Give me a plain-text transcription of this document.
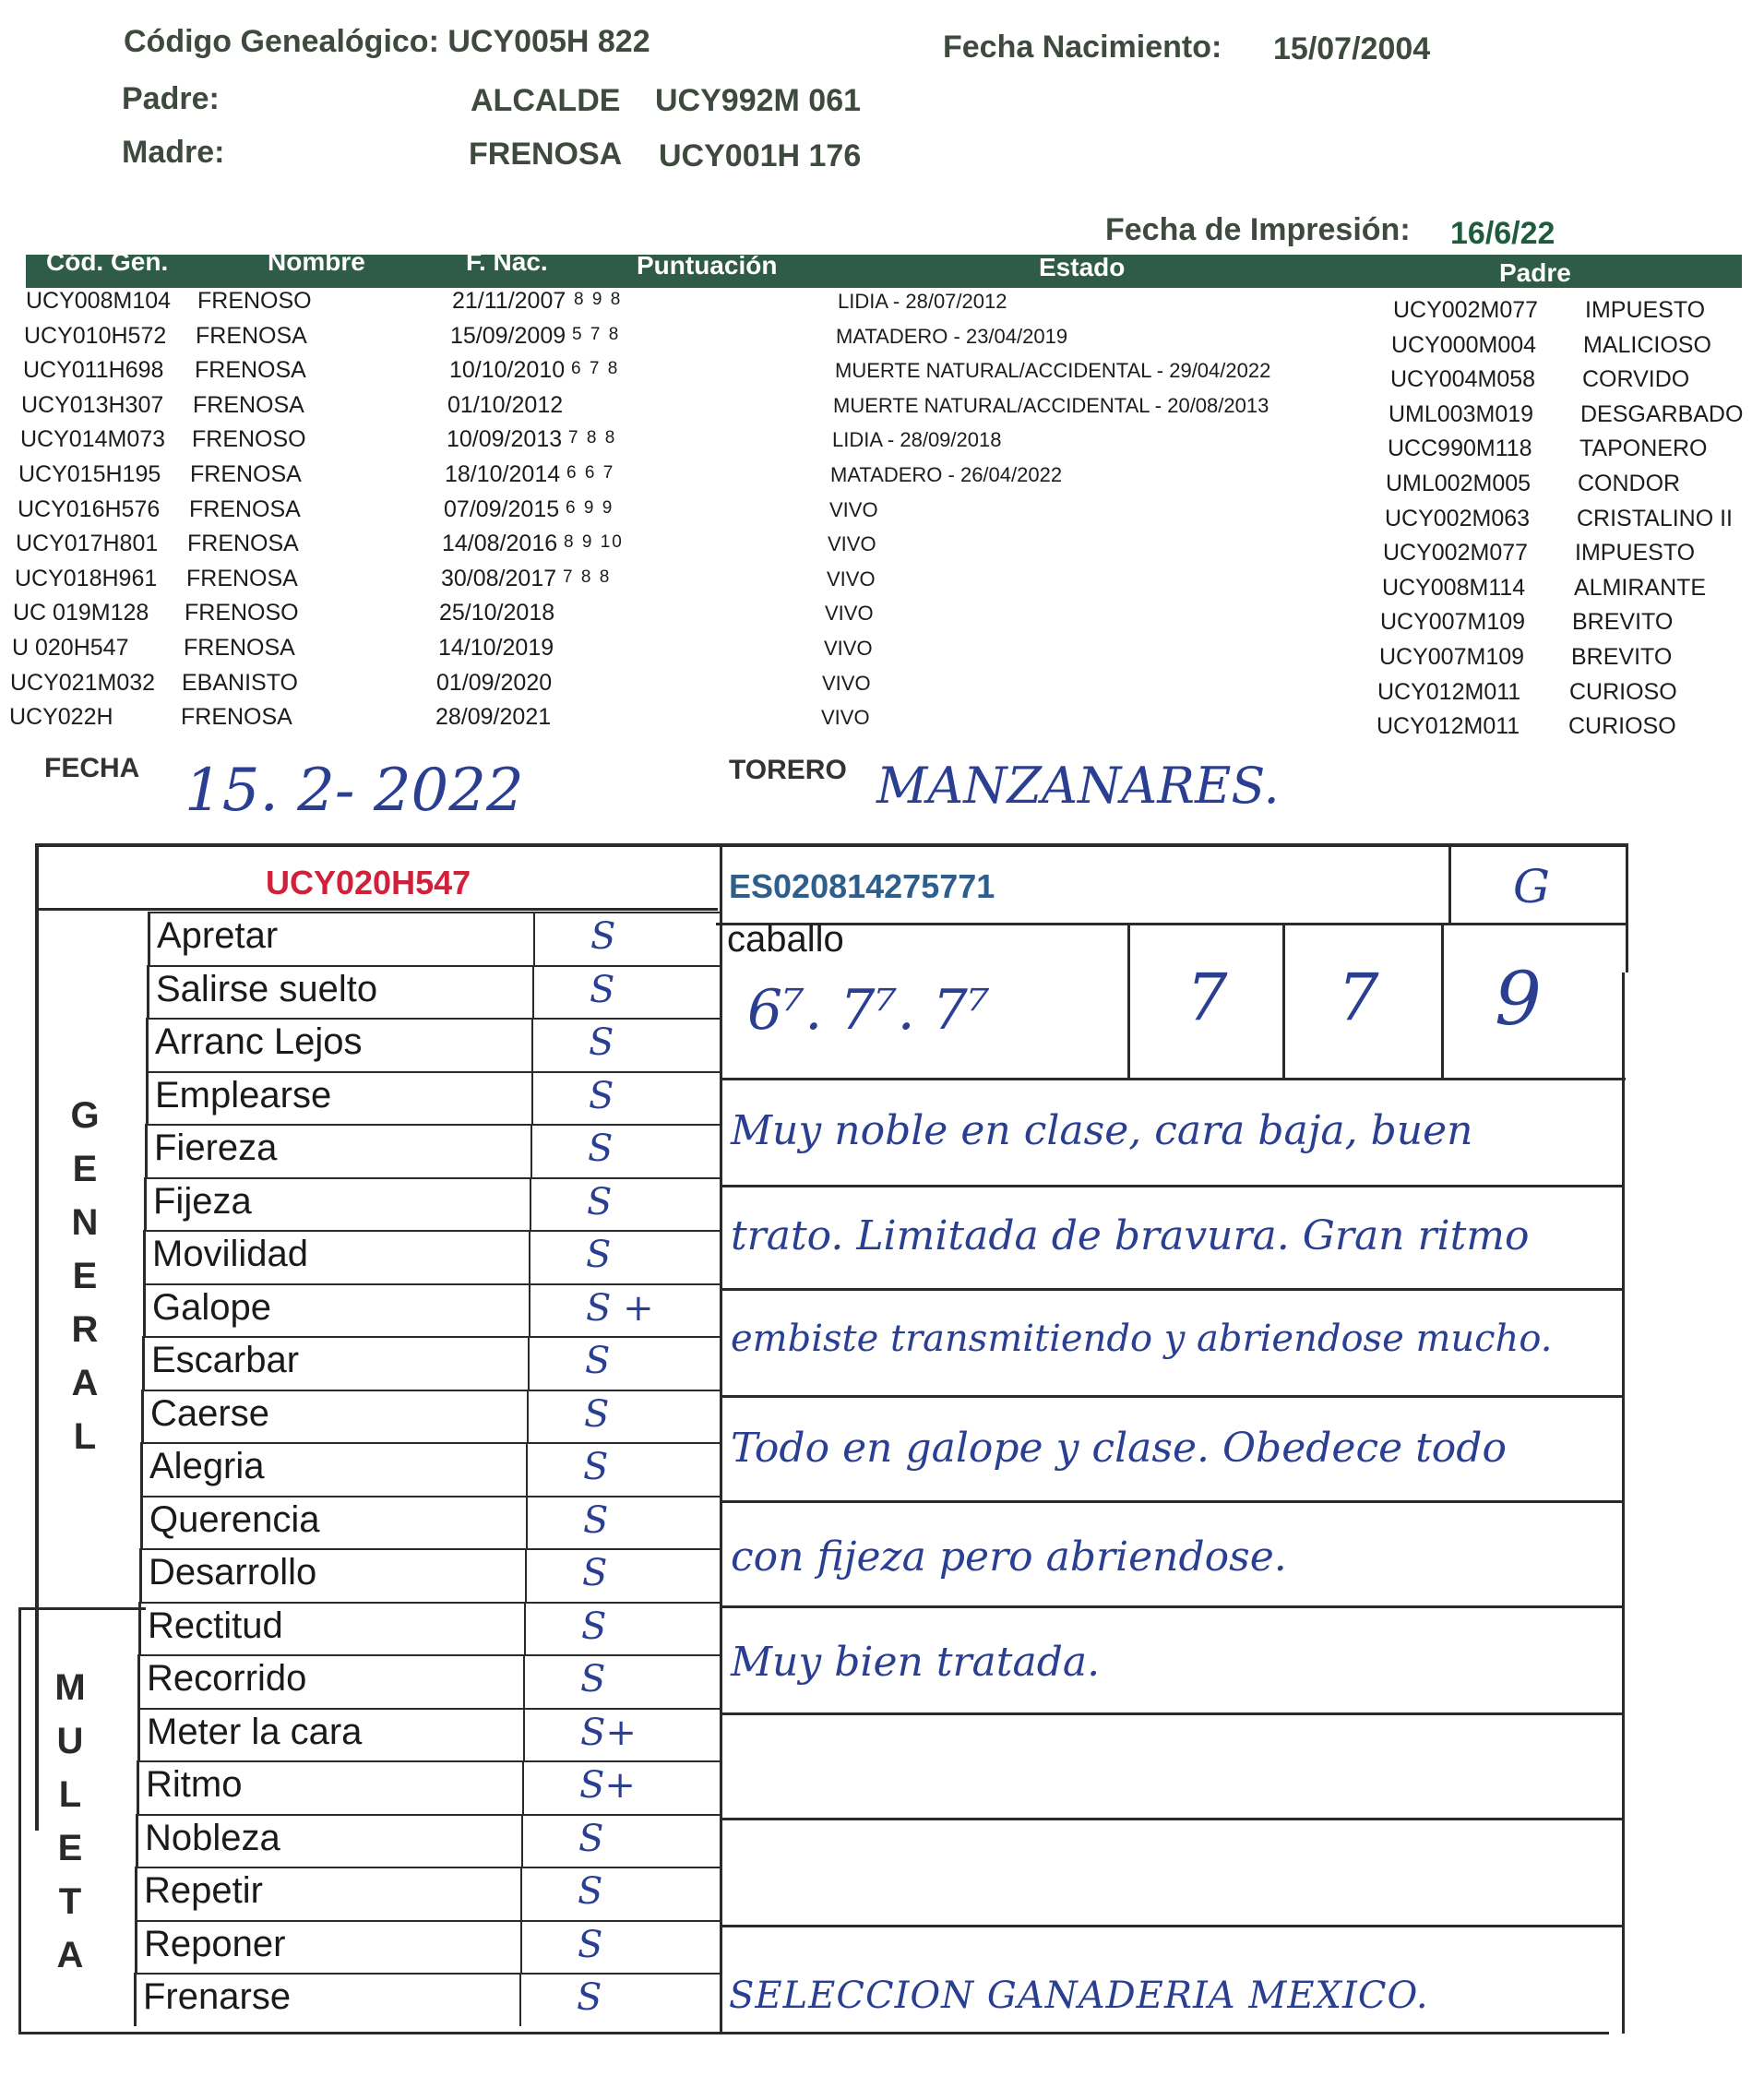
Código Genealógico: UCY005H 822	Fecha Nacimiento: 15/07/2004
Padre:	ALCALDE UCY992M 061
Madre:	FRENOSA UCY001H 176
Fecha de Impresión: 16/6/22
Cód. Gen.	Nombre	F. Nac.	Puntuación	Estado	Padre
UCY008M104 FRENOSO	21/11/2007 8 9 8	LIDIA - 28/07/2012	UCY002M077 IMPUESTO
UCY010H572 FRENOSA	15/09/2009 5 7 8	MATADERO - 23/04/2019	UCY000M004 MALICIOSO
UCY011H698 FRENOSA	10/10/2010 6 7 8	MUERTE NATURAL/ACCIDENTAL - 29/04/2022	UCY004M058 CORVIDO
UCY013H307 FRENOSA	01/10/2012	MUERTE NATURAL/ACCIDENTAL - 20/08/2013	UML003M019 DESGARBADO
UCY014M073 FRENOSO	10/09/2013 7 8 8	LIDIA - 28/09/2018	UCC990M118 TAPONERO
UCY015H195 FRENOSA	18/10/2014 6 6 7	MATADERO - 26/04/2022	UML002M005 CONDOR
UCY016H576 FRENOSA	07/09/2015 6 9 9	VIVO	UCY002M063 CRISTALINO II
UCY017H801 FRENOSA	14/08/2016 8 9 10	VIVO	UCY002M077 IMPUESTO
UCY018H961 FRENOSA	30/08/2017 7 8 8	VIVO	UCY008M114 ALMIRANTE
UC 019M128 FRENOSO	25/10/2018	VIVO	UCY007M109 BREVITO
U 020H547 FRENOSA	14/10/2019	VIVO	UCY007M109 BREVITO
UCY021M032 EBANISTO	01/09/2020	VIVO	UCY012M011 CURIOSO
UCY022H	FRENOSA	28/09/2021	VIVO	UCY012M011 CURIOSO
FECHA 15. 2- 2022	TORERO MANZANARES.
UCY020H547	ES020814275771	G
caballo
6⁷. 7⁷. 7⁷	7 7 9
G
E
N
E
R
A
L
M
U
L
E
T
A
Apretar	S
Salirse suelto	S
Arranc Lejos	S
Emplearse	S
Fiereza	S
Fijeza	S
Movilidad	S
Galope	S +
Escarbar	S
Caerse	S
Alegria	S
Querencia	S
Desarrollo	S
Rectitud	S
Recorrido	S
Meter la cara	S+
Ritmo	S+
Nobleza	S
Repetir	S
Reponer	S
Frenarse	S
Muy noble en clase, cara baja, buen
trato. Limitada de bravura. Gran ritmo
embiste transmitiendo y abriendose mucho.
Todo en galope y clase. Obedece todo
con fijeza pero abriendose.
Muy bien tratada.
SELECCION GANADERIA MEXICO.
